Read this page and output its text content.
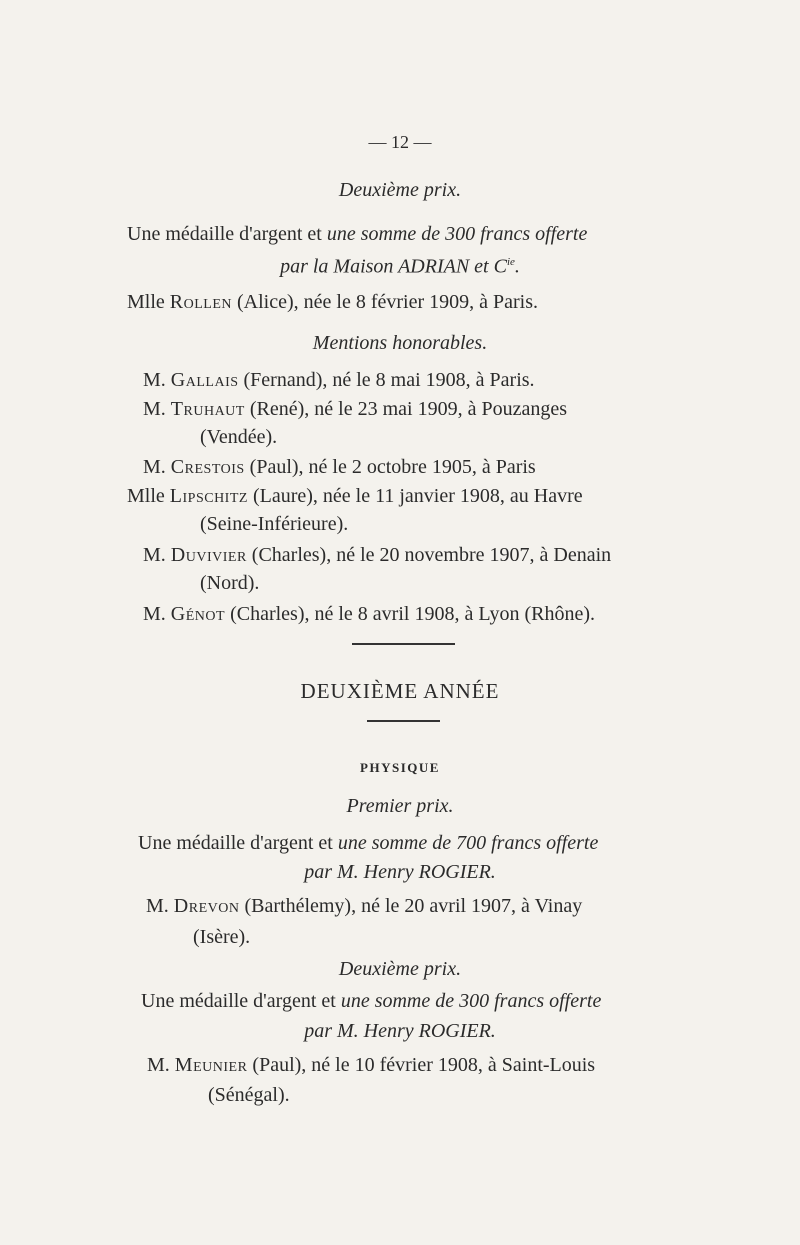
— 12 —
Deuxième prix.
Une médaille d'argent et une somme de 300 francs offerte
par la Maison ADRIAN et $C^{ie}$.
Mlle Rollen (Alice), née le 8 février 1909, à Paris.
Mentions honorables.
M. Gallais (Fernand), né le 8 mai 1908, à Paris.
M. Truhaut (René), né le 23 mai 1909, à Pouzanges
(Vendée).
M. Crestois (Paul), né le 2 octobre 1905, à Paris
Mlle Lipschitz (Laure), née le 11 janvier 1908, au Havre
(Seine-Inférieure).
M. Duvivier (Charles), né le 20 novembre 1907, à Denain
(Nord).
M. Génot (Charles), né le 8 avril 1908, à Lyon (Rhône).
DEUXIÈME ANNÉE
PHYSIQUE
Premier prix.
Une médaille d'argent et une somme de 700 francs offerte
par M. Henry ROGIER.
M. Drevon (Barthélemy), né le 20 avril 1907, à Vinay
(Isère).
Deuxième prix.
Une médaille d'argent et une somme de 300 francs offerte
par M. Henry ROGIER.
M. Meunier (Paul), né le 10 février 1908, à Saint-Louis
(Sénégal).
